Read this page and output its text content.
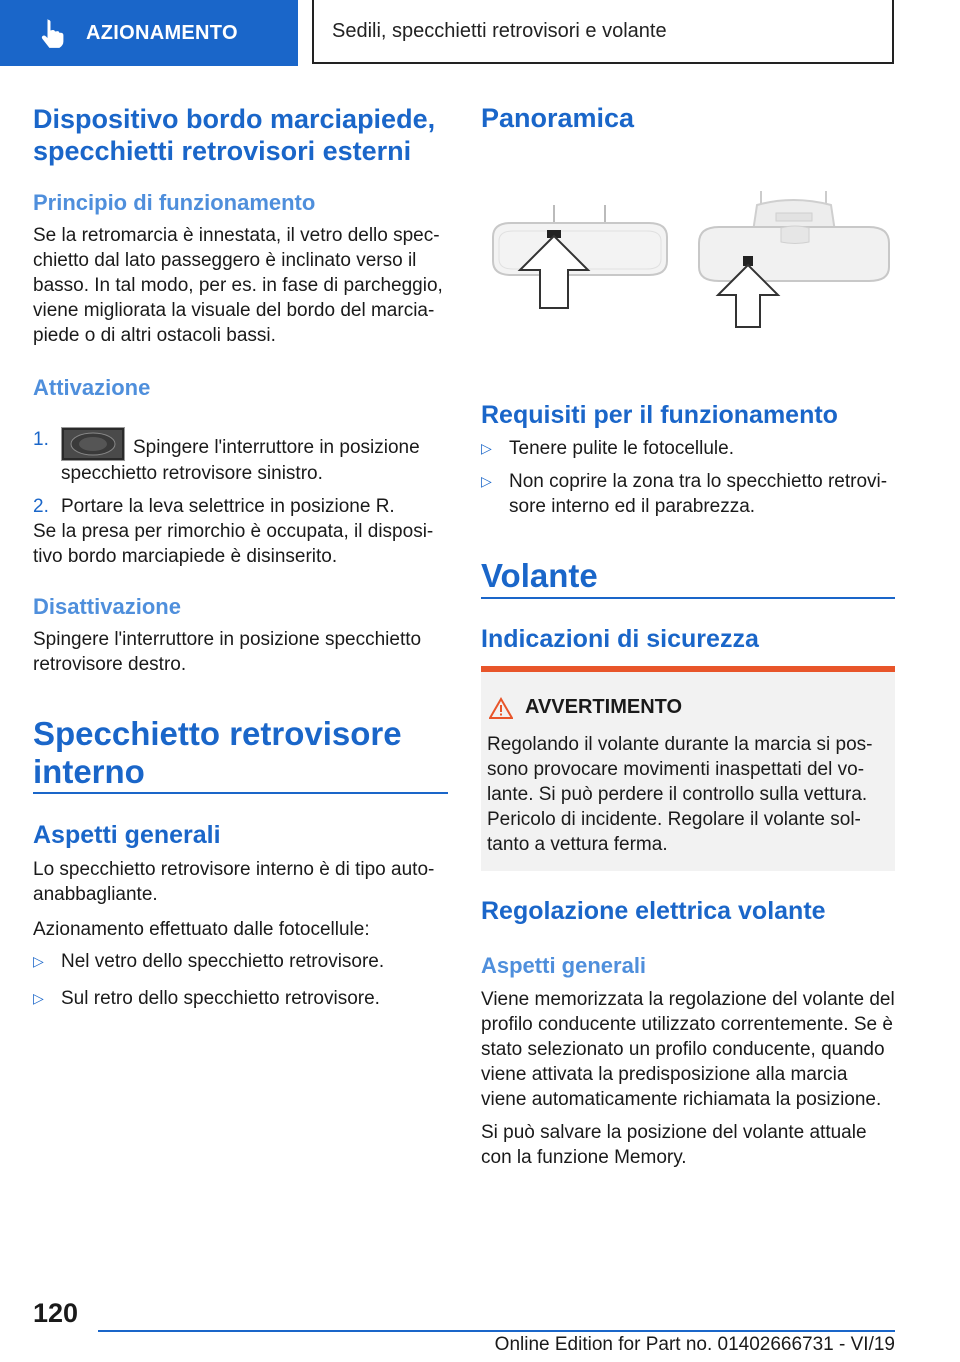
AZIONAMENTO	Sedili, specchietti retrovisori e volante
Dispositivo bordo marciapiede, specchietti retrovisori esterni
Principio di funzionamento

Se la retromarcia è innestata, il vetro dello specchietto dal lato passeggero è inclinato verso il basso. In tal modo, per es. in fase di parcheggio, viene migliorata la visuale del bordo del marciapiede o di altri ostacoli bassi.

Attivazione
1.	Spingere l'interruttore in posizione specchietto retrovisore sinistro.
2. Portare la leva selettrice in posizione R.

Se la presa per rimorchio è occupata, il dispositivo bordo marciapiede è disinserito.

Disattivazione

Spingere l'interruttore in posizione specchietto retrovisore destro.

Specchietto retrovisore interno
Aspetti generali

Lo specchietto retrovisore interno è di tipo autoanabbagliante.

Azionamento effettuato dalle fotocellule:

▷ Nel vetro dello specchietto retrovisore.
▷ Sul retro dello specchietto retrovisore.
Panoramica
Requisiti per il funzionamento
▷ Tenere pulite le fotocellule.
▷ Non coprire la zona tra lo specchietto retrovisore interno ed il parabrezza.
Volante
Indicazioni di sicurezza
AVVERTIMENTO

Regolando il volante durante la marcia si possono provocare movimenti inaspettati del volante. Si può perdere il controllo sulla vettura. Pericolo di incidente. Regolare il volante soltanto a vettura ferma.

Regolazione elettrica volante
Aspetti generali

Viene memorizzata la regolazione del volante del profilo conducente utilizzato correntemente. Se è stato selezionato un profilo conducente, quando viene attivata la predisposizione alla marcia viene automaticamente richiamata la posizione.

Si può salvare la posizione del volante attuale con la funzione Memory.

120
Online Edition for Part no. 01402666731 - VI/19
